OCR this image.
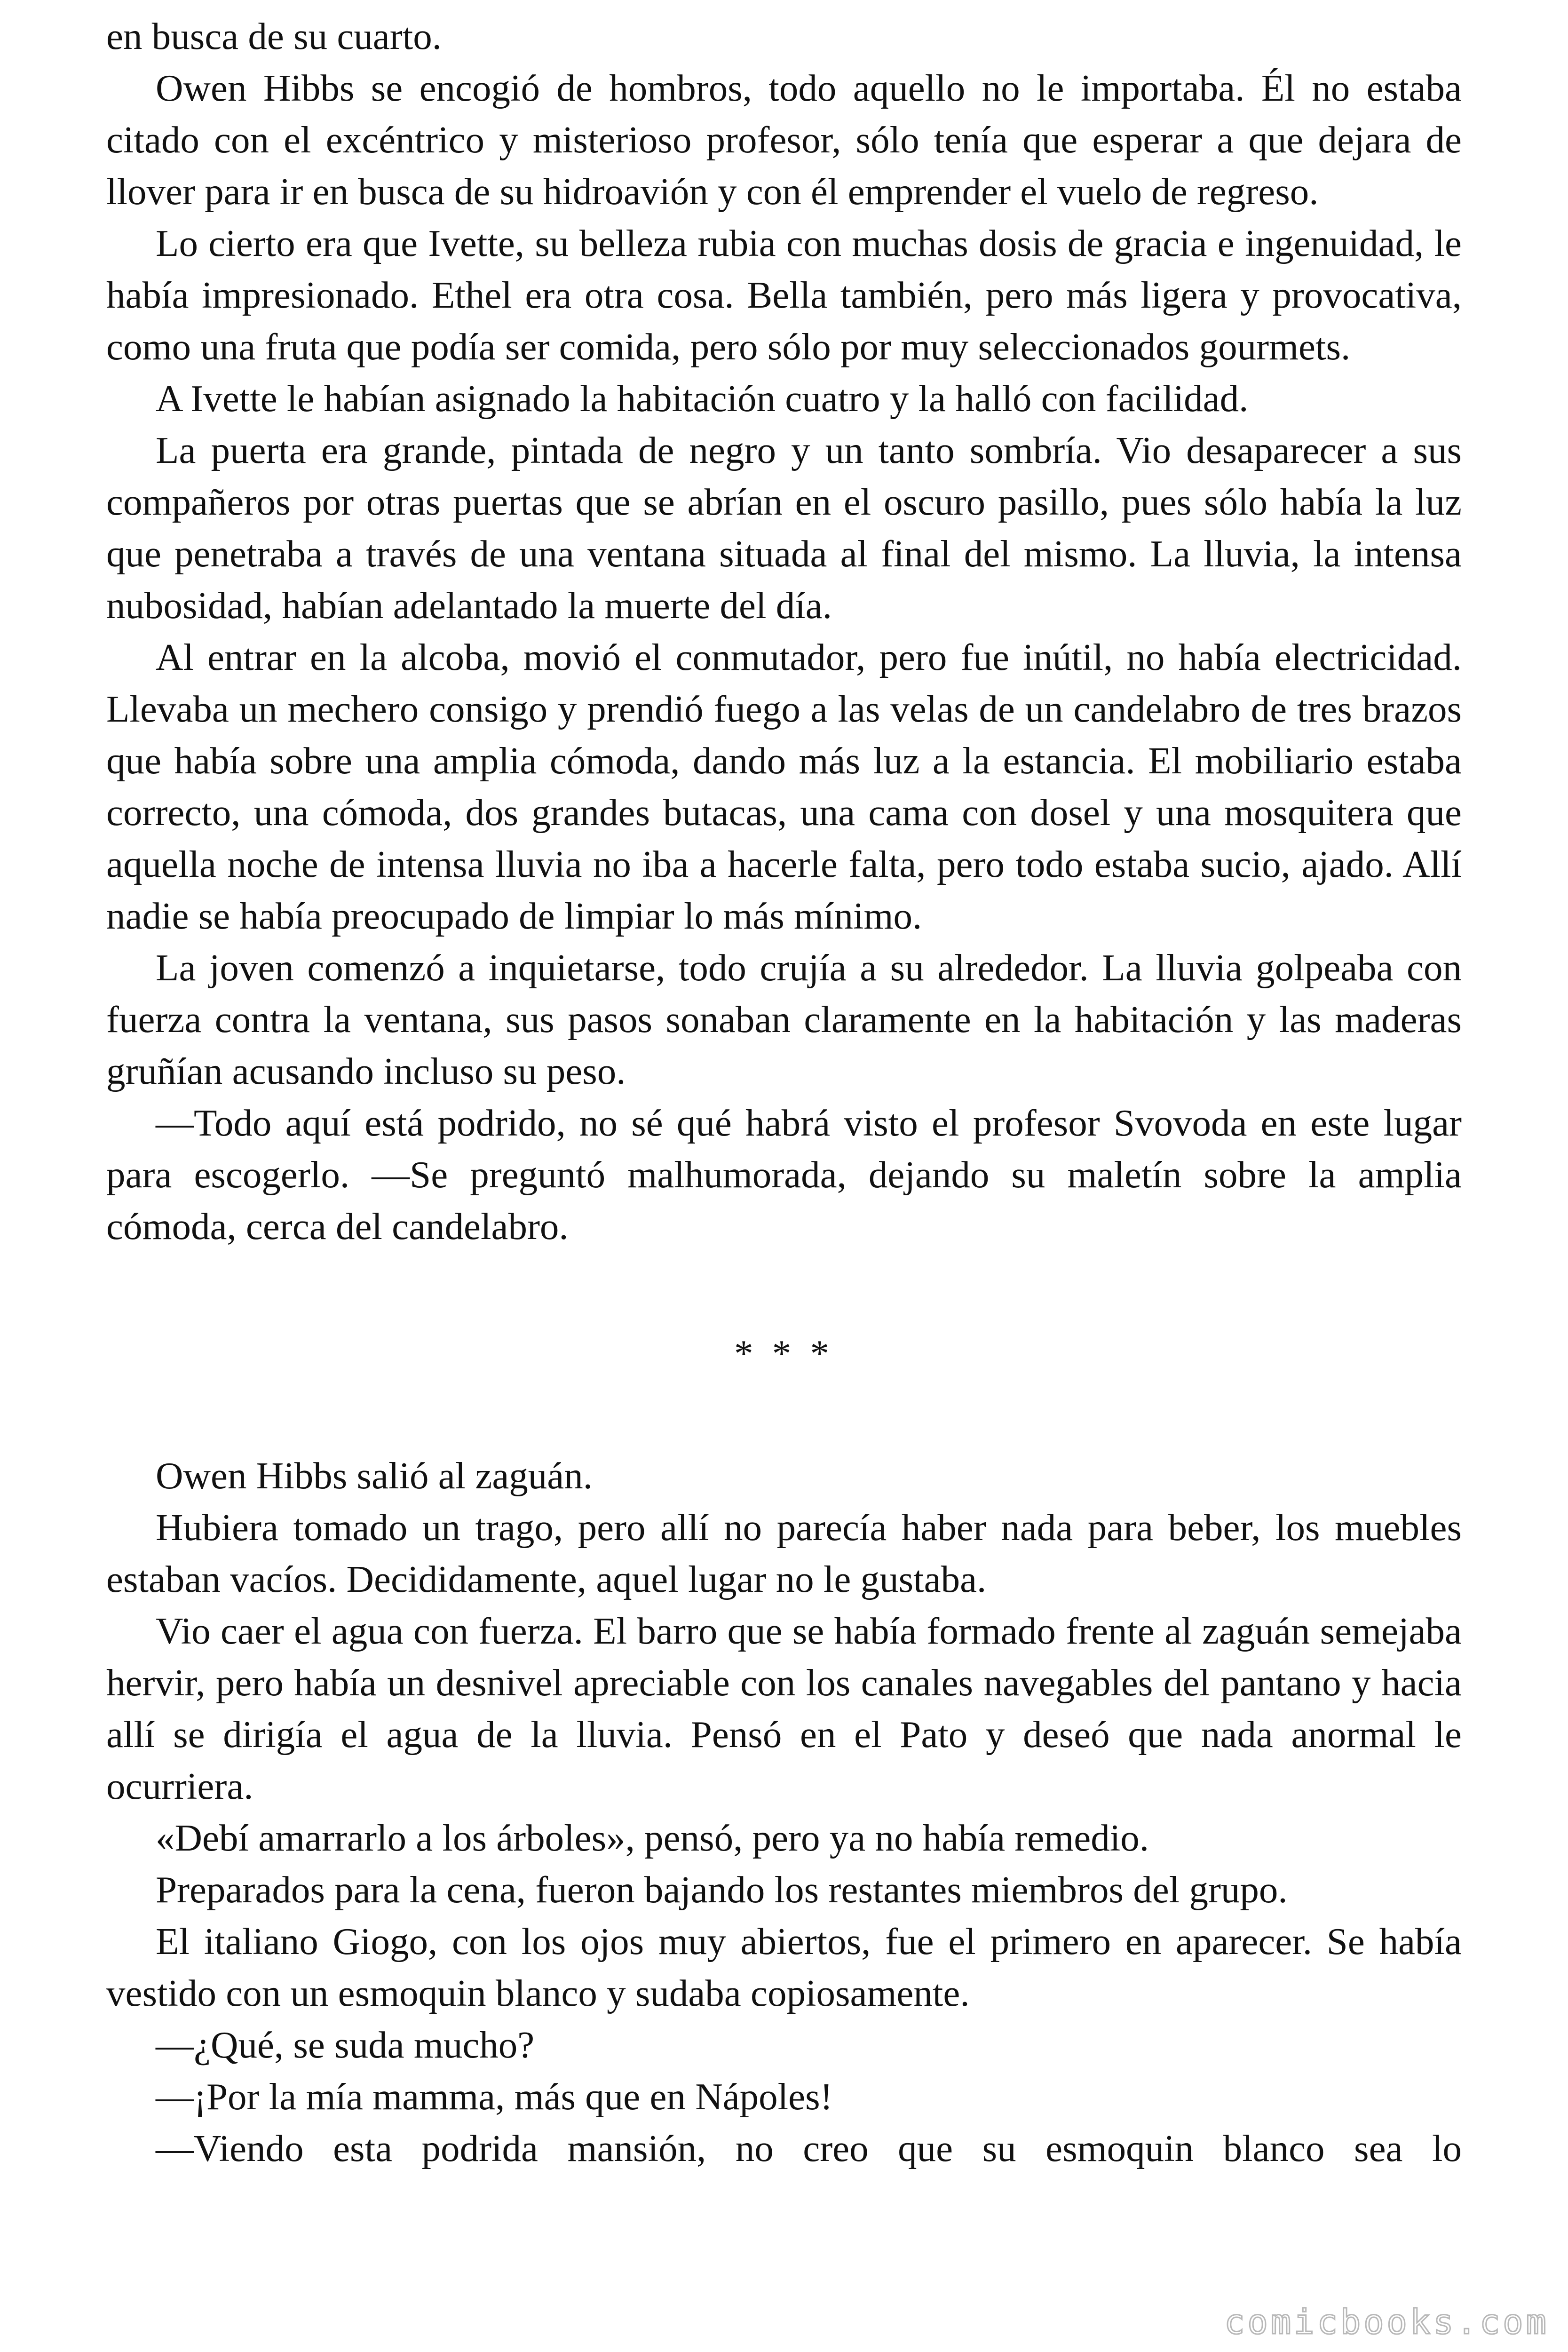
en busca de su cuarto.

Owen Hibbs se encogió de hombros, todo aquello no le importaba. Él no estaba citado con el excéntrico y misterioso profesor, sólo tenía que esperar a que dejara de llover para ir en busca de su hidroavión y con él emprender el vuelo de regreso.

Lo cierto era que Ivette, su belleza rubia con muchas dosis de gracia e ingenuidad, le había impresionado. Ethel era otra cosa. Bella también, pero más ligera y provocativa, como una fruta que podía ser comida, pero sólo por muy seleccionados gourmets.

A Ivette le habían asignado la habitación cuatro y la halló con facilidad.

La puerta era grande, pintada de negro y un tanto sombría. Vio desaparecer a sus compañeros por otras puertas que se abrían en el oscuro pasillo, pues sólo había la luz que penetraba a través de una ventana situada al final del mismo. La lluvia, la intensa nubosidad, habían adelantado la muerte del día.

Al entrar en la alcoba, movió el conmutador, pero fue inútil, no había electricidad. Llevaba un mechero consigo y prendió fuego a las velas de un candelabro de tres brazos que había sobre una amplia cómoda, dando más luz a la estancia. El mobiliario estaba correcto, una cómoda, dos grandes butacas, una cama con dosel y una mosquitera que aquella noche de intensa lluvia no iba a hacerle falta, pero todo estaba sucio, ajado. Allí nadie se había preocupado de limpiar lo más mínimo.

La joven comenzó a inquietarse, todo crujía a su alrededor. La lluvia golpeaba con fuerza contra la ventana, sus pasos sonaban claramente en la habitación y las maderas gruñían acusando incluso su peso.

—Todo aquí está podrido, no sé qué habrá visto el profesor Svovoda en este lugar para escogerlo. —Se preguntó malhumorada, dejando su maletín sobre la amplia cómoda, cerca del candelabro.

* * *

Owen Hibbs salió al zaguán.

Hubiera tomado un trago, pero allí no parecía haber nada para beber, los muebles estaban vacíos. Decididamente, aquel lugar no le gustaba.

Vio caer el agua con fuerza. El barro que se había formado frente al zaguán semejaba hervir, pero había un desnivel apreciable con los canales navegables del pantano y hacia allí se dirigía el agua de la lluvia. Pensó en el Pato y deseó que nada anormal le ocurriera.

«Debí amarrarlo a los árboles», pensó, pero ya no había remedio.

Preparados para la cena, fueron bajando los restantes miembros del grupo.

El italiano Giogo, con los ojos muy abiertos, fue el primero en aparecer. Se había vestido con un esmoquin blanco y sudaba copiosamente.

—¿Qué, se suda mucho?

—¡Por la mía mamma, más que en Nápoles!

—Viendo esta podrida mansión, no creo que su esmoquin blanco sea lo

comicbooks.com
